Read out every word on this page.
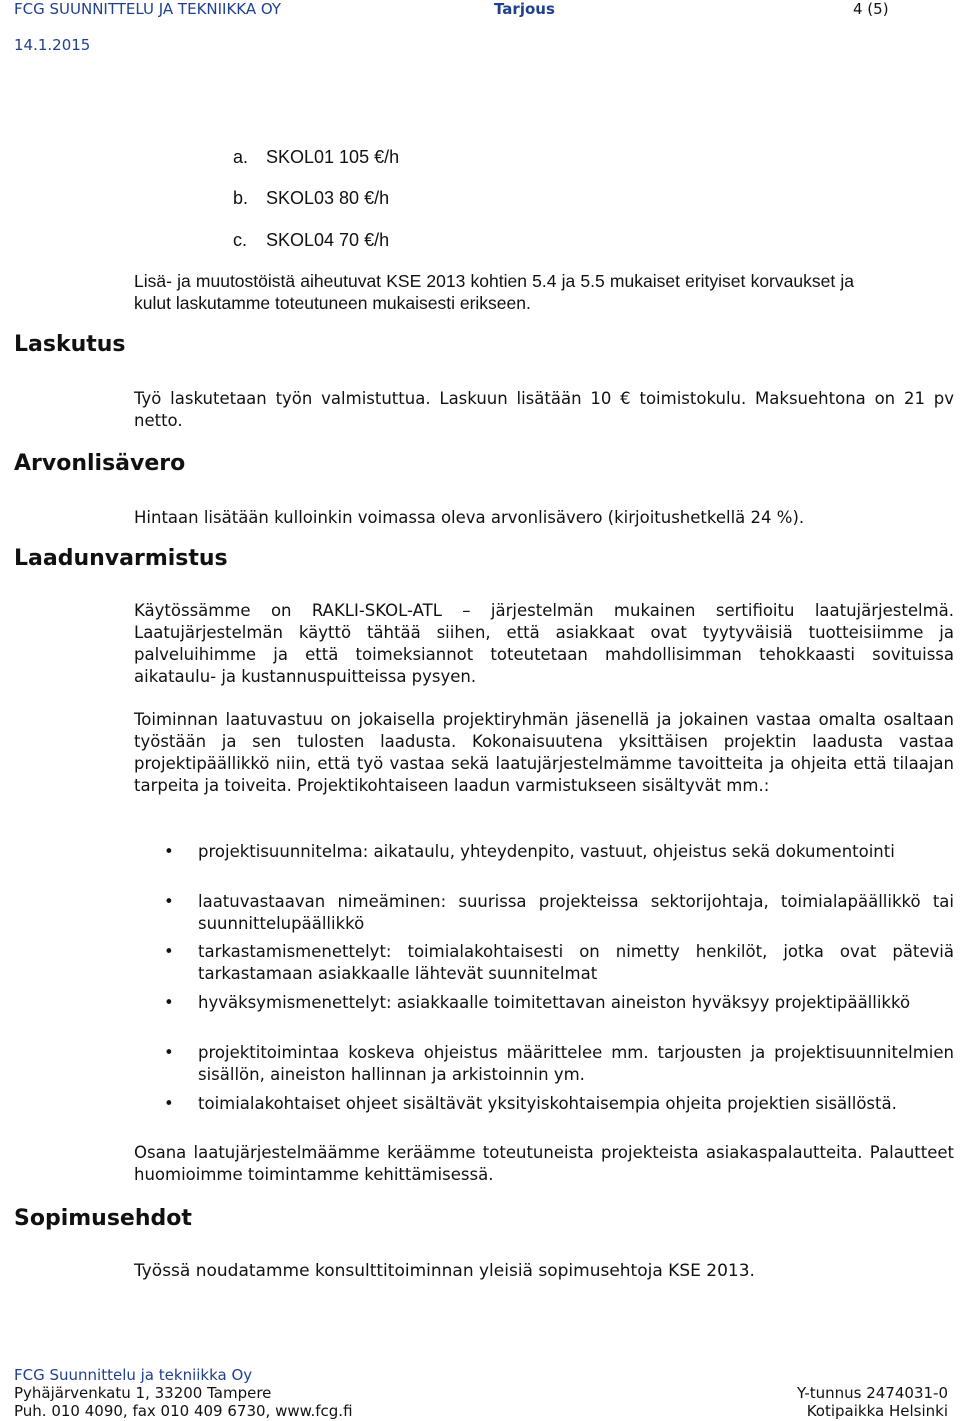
FCG SUUNNITTELU JA TEKNIIKKA OY	Tarjous	4 (5)
14.1.2015
a. SKOL01 105 €/h
b. SKOL03 80 €/h
c. SKOL04 70 €/h
Lisä- ja muutostöistä aiheutuvat KSE 2013 kohtien 5.4 ja 5.5 mukaiset erityiset korvaukset ja kulut laskutamme toteutuneen mukaisesti erikseen.
Laskutus
Työ laskutetaan työn valmistuttua. Laskuun lisätään 10 € toimistokulu. Maksuehtona on 21 pv netto.
Arvonlisävero
Hintaan lisätään kulloinkin voimassa oleva arvonlisävero (kirjoitushetkellä 24 %).
Laadunvarmistus
Käytössämme on RAKLI-SKOL-ATL – järjestelmän mukainen sertifioitu laatujärjestelmä. Laatujärjestelmän käyttö tähtää siihen, että asiakkaat ovat tyytyväisiä tuotteisiimme ja palveluihimme ja että toimeksiannot toteutetaan mahdollisimman tehokkaasti sovituissa aikataulu- ja kustannuspuitteissa pysyen.
Toiminnan laatuvastuu on jokaisella projektiryhmän jäsenellä ja jokainen vastaa omalta osaltaan työstään ja sen tulosten laadusta. Kokonaisuutena yksittäisen projektin laadusta vastaa projektipäällikkö niin, että työ vastaa sekä laatujärjestelmämme tavoitteita ja ohjeita että tilaajan tarpeita ja toiveita. Projektikohtaiseen laadun varmistukseen sisältyvät mm.:
• projektisuunnitelma: aikataulu, yhteydenpito, vastuut, ohjeistus sekä dokumentointi
• laatuvastaavan nimeäminen: suurissa projekteissa sektorijohtaja, toimialapäällikkö tai suunnittelupäällikkö
• tarkastamismenettelyt: toimialakohtaisesti on nimetty henkilöt, jotka ovat päteviä tarkastamaan asiakkaalle lähtevät suunnitelmat
• hyväksymismenettelyt: asiakkaalle toimitettavan aineiston hyväksyy projektipäällikkö
• projektitoimintaa koskeva ohjeistus määrittelee mm. tarjousten ja projektisuunnitelmien sisällön, aineiston hallinnan ja arkistoinnin ym.
• toimialakohtaiset ohjeet sisältävät yksityiskohtaisempia ohjeita projektien sisällöstä.
Osana laatujärjestelmäämme keräämme toteutuneista projekteista asiakaspalautteita. Palautteet huomioimme toimintamme kehittämisessä.
Sopimusehdot
Työssä noudatamme konsulttitoiminnan yleisiä sopimusehtoja KSE 2013.
FCG Suunnittelu ja tekniikka Oy
Pyhäjärvenkatu 1, 33200 Tampere
Puh. 010 4090, fax 010 409 6730, www.fcg.fi
Y-tunnus 2474031-0
Kotipaikka Helsinki
